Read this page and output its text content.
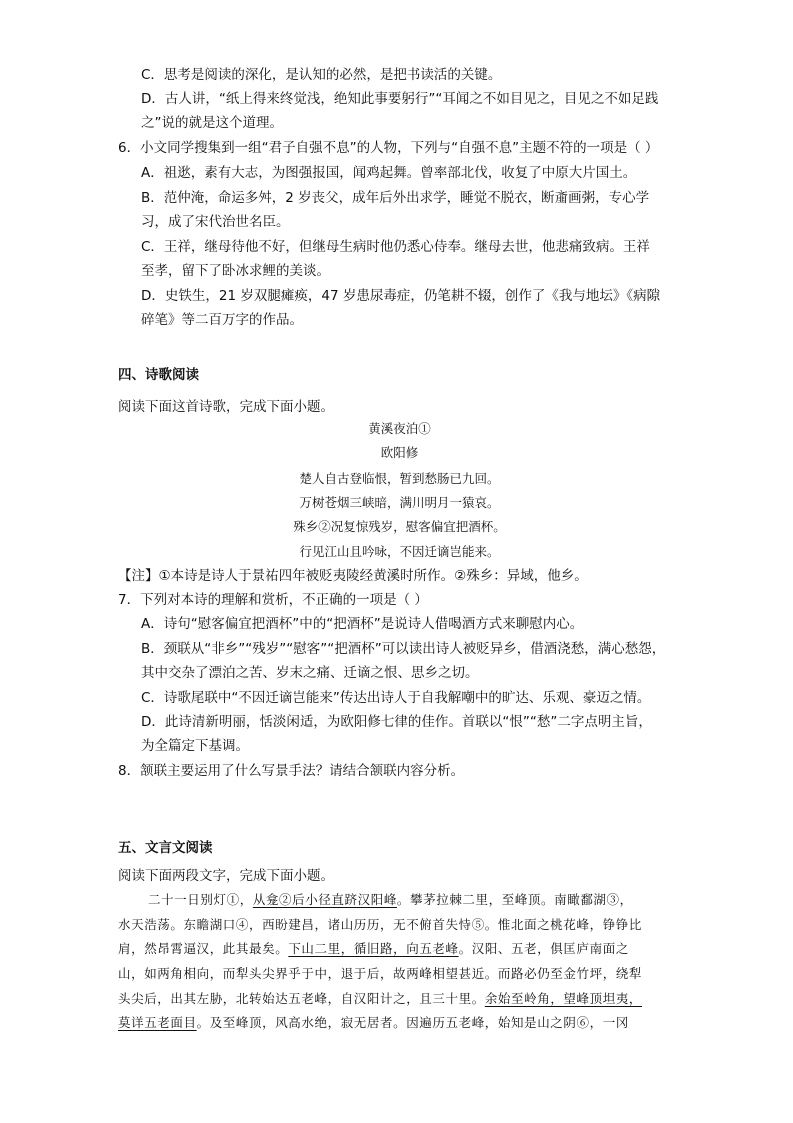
C．思考是阅读的深化，是认知的必然，是把书读活的关键。
D．古人讲，“纸上得来终觉浅，绝知此事要躬行”“耳闻之不如目见之，目见之不如足践
之”说的就是这个道理。
6．小文同学搜集到一组“君子自强不息”的人物，下列与“自强不息”主题不符的一项是（ ）
A．祖逖，素有大志，为图强报国，闻鸡起舞。曾率部北伐，收复了中原大片国土。
B．范仲淹，命运多舛，2 岁丧父，成年后外出求学，睡觉不脱衣，断齑画粥，专心学
习，成了宋代治世名臣。
C．王祥，继母待他不好，但继母生病时他仍悉心侍奉。继母去世，他悲痛致病。王祥
至孝，留下了卧冰求鲤的美谈。
D．史铁生，21 岁双腿瘫痪，47 岁患尿毒症，仍笔耕不辍，创作了《我与地坛》《病隙
碎笔》等二百万字的作品。
四、诗歌阅读
阅读下面这首诗歌，完成下面小题。
黄溪夜泊①
欧阳修
楚人自古登临恨，暂到愁肠已九回。
万树苍烟三峡暗，满川明月一猿哀。
殊乡②况复惊残岁，慰客偏宜把酒杯。
行见江山且吟咏，不因迁谪岂能来。
【注】①本诗是诗人于景祐四年被贬夷陵经黄溪时所作。②殊乡：异域，他乡。
7．下列对本诗的理解和赏析，不正确的一项是（ ）
A．诗句“慰客偏宜把酒杯”中的“把酒杯”是说诗人借喝酒方式来聊慰内心。
B．颈联从“非乡”“残岁”“慰客”“把酒杯”可以读出诗人被贬异乡，借酒浇愁，满心愁怨，
其中交杂了漂泊之苦、岁末之痛、迁谪之恨、思乡之切。
C．诗歌尾联中“不因迁谪岂能来”传达出诗人于自我解嘲中的旷达、乐观、豪迈之情。
D．此诗清新明丽，恬淡闲适，为欧阳修七律的佳作。首联以“恨”“愁”二字点明主旨，
为全篇定下基调。
8．颔联主要运用了什么写景手法？请结合颔联内容分析。
五、文言文阅读
阅读下面两段文字，完成下面小题。
二十一日别灯①，从龛②后小径直跻汉阳峰。攀茅拉棘二里，至峰顶。南瞰鄱湖③，
水天浩荡。东瞻湖口④，西盼建昌，诸山历历，无不俯首失恃⑤。惟北面之桃花峰，铮铮比
肩，然昂霄逼汉，此其最矣。下山二里，循旧路，向五老峰。汉阳、五老，俱匡庐南面之
山，如两角相向，而犁头尖界乎于中，退于后，故两峰相望甚近。而路必仍至金竹坪，绕犁
头尖后，出其左胁，北转始达五老峰，自汉阳计之，且三十里。余始至岭角，望峰顶坦夷，
莫详五老面目。及至峰顶，风高水绝，寂无居者。因遍历五老峰，始知是山之阴⑥，一冈
